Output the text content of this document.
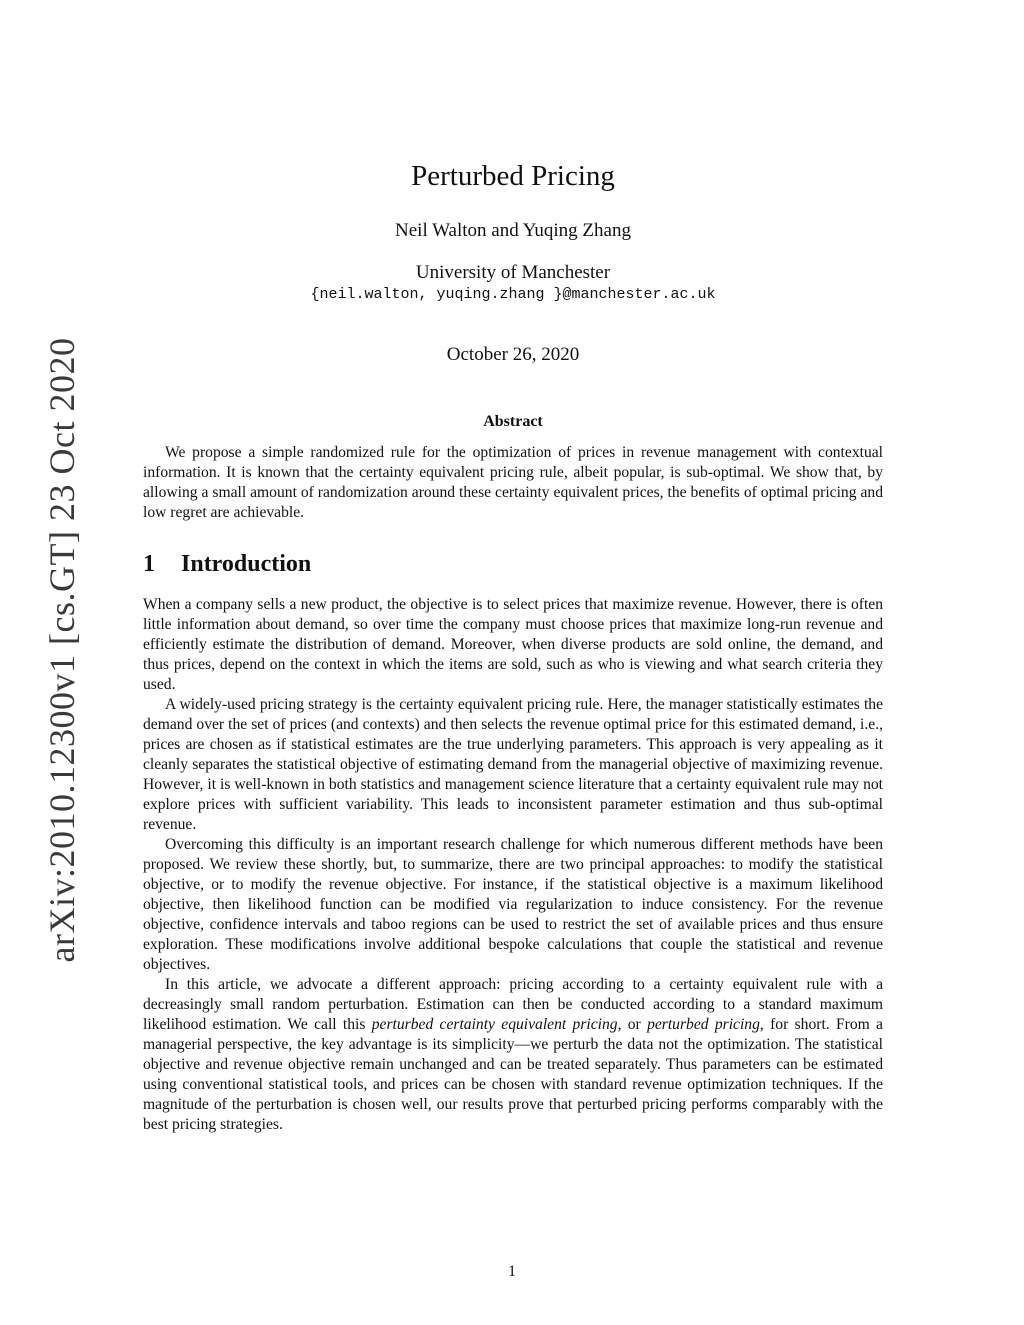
arXiv:2010.12300v1 [cs.GT] 23 Oct 2020
Perturbed Pricing
Neil Walton and Yuqing Zhang
University of Manchester
{neil.walton, yuqing.zhang }@manchester.ac.uk
October 26, 2020
Abstract

We propose a simple randomized rule for the optimization of prices in revenue management with contextual information. It is known that the certainty equivalent pricing rule, albeit popular, is sub-optimal. We show that, by allowing a small amount of randomization around these certainty equivalent prices, the benefits of optimal pricing and low regret are achievable.

1 Introduction

When a company sells a new product, the objective is to select prices that maximize revenue. However, there is often little information about demand, so over time the company must choose prices that maximize long-run revenue and efficiently estimate the distribution of demand. Moreover, when diverse products are sold online, the demand, and thus prices, depend on the context in which the items are sold, such as who is viewing and what search criteria they used.

A widely-used pricing strategy is the certainty equivalent pricing rule. Here, the manager statistically estimates the demand over the set of prices (and contexts) and then selects the revenue optimal price for this estimated demand, i.e., prices are chosen as if statistical estimates are the true underlying parameters. This approach is very appealing as it cleanly separates the statistical objective of estimating demand from the managerial objective of maximizing revenue. However, it is well-known in both statistics and management science literature that a certainty equivalent rule may not explore prices with sufficient variability. This leads to inconsistent parameter estimation and thus sub-optimal revenue.

Overcoming this difficulty is an important research challenge for which numerous different methods have been proposed. We review these shortly, but, to summarize, there are two principal approaches: to modify the statistical objective, or to modify the revenue objective. For instance, if the statistical objective is a maximum likelihood objective, then likelihood function can be modified via regularization to induce consistency. For the revenue objective, confidence intervals and taboo regions can be used to restrict the set of available prices and thus ensure exploration. These modifications involve additional bespoke calculations that couple the statistical and revenue objectives.

In this article, we advocate a different approach: pricing according to a certainty equivalent rule with a decreasingly small random perturbation. Estimation can then be conducted according to a standard maximum likelihood estimation. We call this perturbed certainty equivalent pricing, or perturbed pricing, for short. From a managerial perspective, the key advantage is its simplicity—we perturb the data not the optimization. The statistical objective and revenue objective remain unchanged and can be treated separately. Thus parameters can be estimated using conventional statistical tools, and prices can be chosen with standard revenue optimization techniques. If the magnitude of the perturbation is chosen well, our results prove that perturbed pricing performs comparably with the best pricing strategies.

1
